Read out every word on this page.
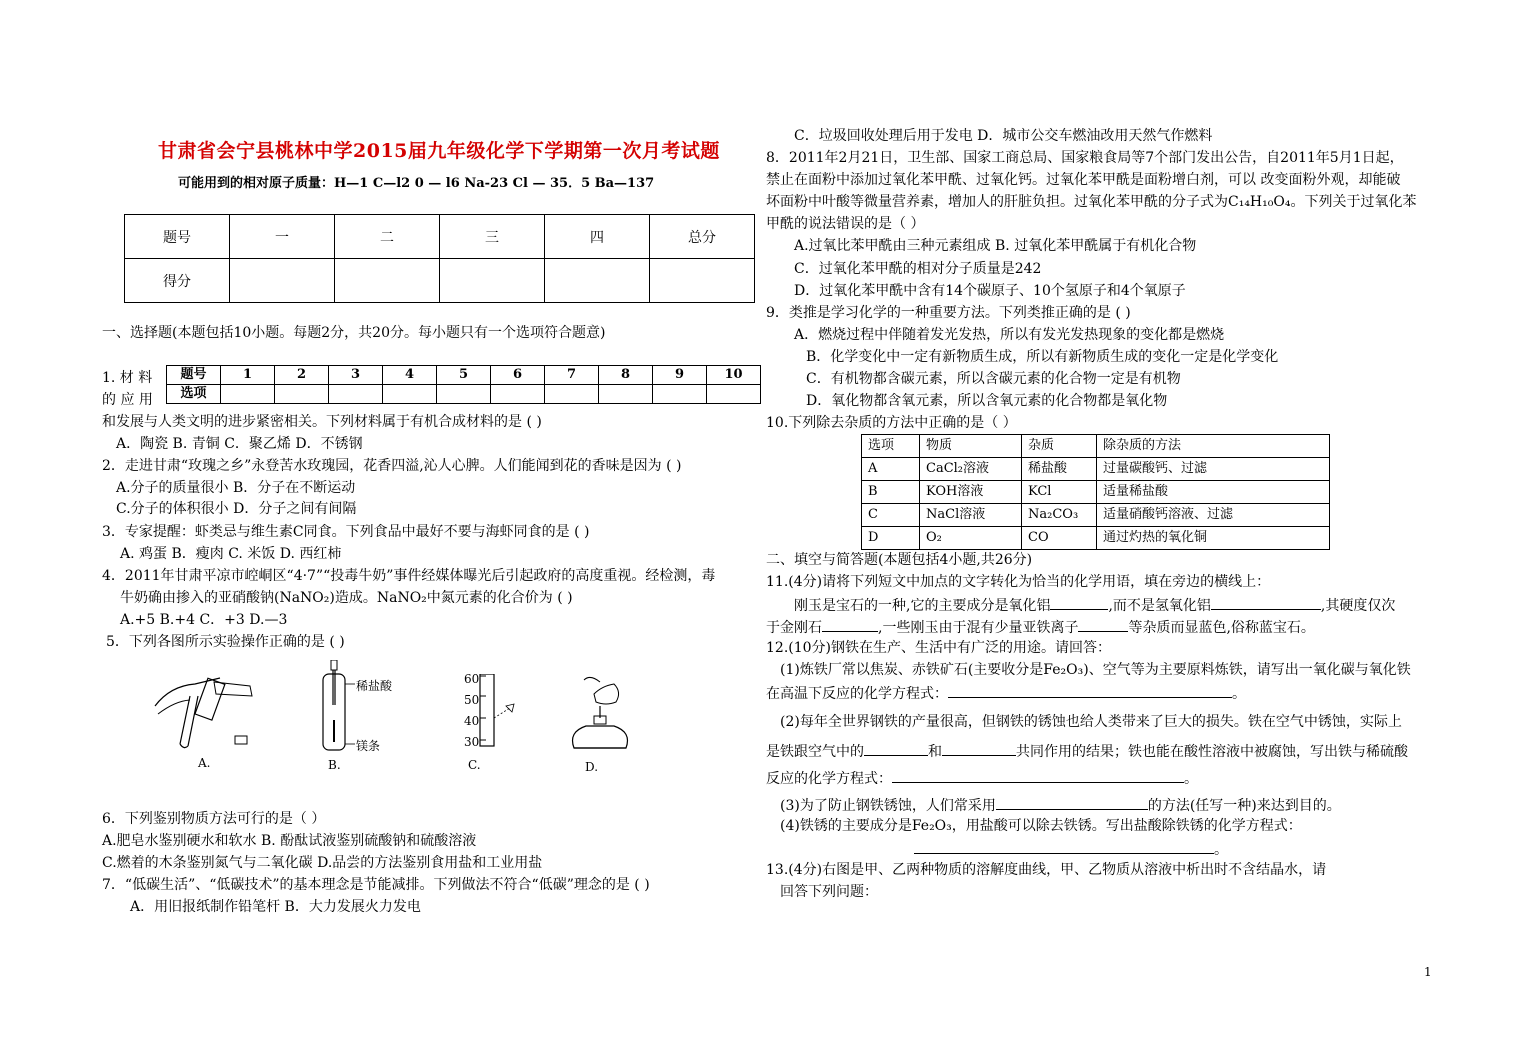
甘肃省会宁县桃林中学2015届九年级化学下学期第一次月考试题
可能用到的相对原子质量：H—1 C—l2 0 — l6 Na-23 Cl — 35．5 Ba—137
题号	一	二	三	四	总分
得分					
一、选择题(本题包括10小题。每题2分，共20分。每小题只有一个选项符合题意)
题号	1	2	3	4	5	6	7	8	9	10
选项										
1. 材 料
的 应 用
和发展与人类文明的进步紧密相关。下列材料属于有机合成材料的是 ( )
A．陶瓷 B. 青铜 C．聚乙烯 D．不锈钢
2．走进甘肃“玫瑰之乡”永登苦水玫瑰园，花香四溢,沁人心脾。人们能闻到花的香味是因为 ( )
A.分子的质量很小 B．分子在不断运动
C.分子的体积很小 D．分子之间有间隔
3．专家提醒：虾类忌与维生素C同食。下列食品中最好不要与海虾同食的是 ( )
A. 鸡蛋 B．瘦肉 C. 米饭 D. 西红柿
4．2011年甘肃平凉市崆峒区“4·7”“投毒牛奶”事件经媒体曝光后引起政府的高度重视。经检测，毒
牛奶确由掺入的亚硝酸钠(NaNO₂)造成。NaNO₂中氮元素的化合价为 ( )
A.+5 B.+4 C．+3 D.—3
5．下列各图所示实验操作正确的是 ( )
A.
稀盐酸
镁条
B.
60
50
40
30
C.	D.
6．下列鉴别物质方法可行的是（ ）
A.肥皂水鉴别硬水和软水 B. 酚酞试液鉴别硫酸钠和硫酸溶液
C.燃着的木条鉴别氮气与二氧化碳 D.品尝的方法鉴别食用盐和工业用盐
7．“低碳生活”、“低碳技术”的基本理念是节能减排。下列做法不符合“低碳”理念的是 ( )
A．用旧报纸制作铅笔杆 B．大力发展火力发电
C．垃圾回收处理后用于发电 D．城市公交车燃油改用天然气作燃料
8．2011年2月21日，卫生部、国家工商总局、国家粮食局等7个部门发出公告，自2011年5月1日起，
禁止在面粉中添加过氧化苯甲酰、过氧化钙。过氧化苯甲酰是面粉增白剂，可以 改变面粉外观，却能破
坏面粉中叶酸等微量营养素，增加人的肝脏负担。过氧化苯甲酰的分子式为C₁₄H₁₀O₄。下列关于过氧化苯
甲酰的说法错误的是（ ）
A.过氧比苯甲酰由三种元素组成 B. 过氧化苯甲酰属于有机化合物
C．过氧化苯甲酰的相对分子质量是242
D．过氧化苯甲酰中含有14个碳原子、10个氢原子和4个氧原子
9．类推是学习化学的一种重要方法。下列类推正确的是 ( )
A．燃烧过程中伴随着发光发热，所以有发光发热现象的变化都是燃烧
B．化学变化中一定有新物质生成，所以有新物质生成的变化一定是化学变化
C．有机物都含碳元素，所以含碳元素的化合物一定是有机物
D．氧化物都含氧元素，所以含氧元素的化合物都是氧化物
10.下列除去杂质的方法中正确的是（ ）
选项	物质	杂质	除杂质的方法
A	CaCl₂溶液	稀盐酸	过量碳酸钙、过滤
B	KOH溶液	KCl	适量稀盐酸
C	NaCl溶液	Na₂CO₃	适量硝酸钙溶液、过滤
D	O₂	CO	通过灼热的氧化铜
二、填空与简答题(本题包括4小题,共26分)
11.(4分)请将下列短文中加点的文字转化为恰当的化学用语，填在旁边的横线上：
刚玉是宝石的一种,它的主要成分是氧化铝	,而不是氢氧化铝	,其硬度仅次
于金刚石	,一些刚玉由于混有少量亚铁离子	等杂质而显蓝色,俗称蓝宝石。
12.(10分)钢铁在生产、生活中有广泛的用途。请回答：
(1)炼铁厂常以焦炭、赤铁矿石(主要收分是Fe₂O₃)、空气等为主要原料炼铁，请写出一氧化碳与氧化铁
在高温下反应的化学方程式：	。
(2)每年全世界钢铁的产量很高，但钢铁的锈蚀也给人类带来了巨大的损失。铁在空气中锈蚀，实际上
是铁跟空气中的	和	共同作用的结果；铁也能在酸性溶液中被腐蚀，写出铁与稀硫酸
反应的化学方程式：	。
(3)为了防止钢铁锈蚀，人们常采用	的方法(任写一种)来达到目的。
(4)铁锈的主要成分是Fe₂O₃，用盐酸可以除去铁锈。写出盐酸除铁锈的化学方程式：
。
13.(4分)右图是甲、乙两种物质的溶解度曲线，甲、乙物质从溶液中析出时不含结晶水，请
回答下列问题：
1
